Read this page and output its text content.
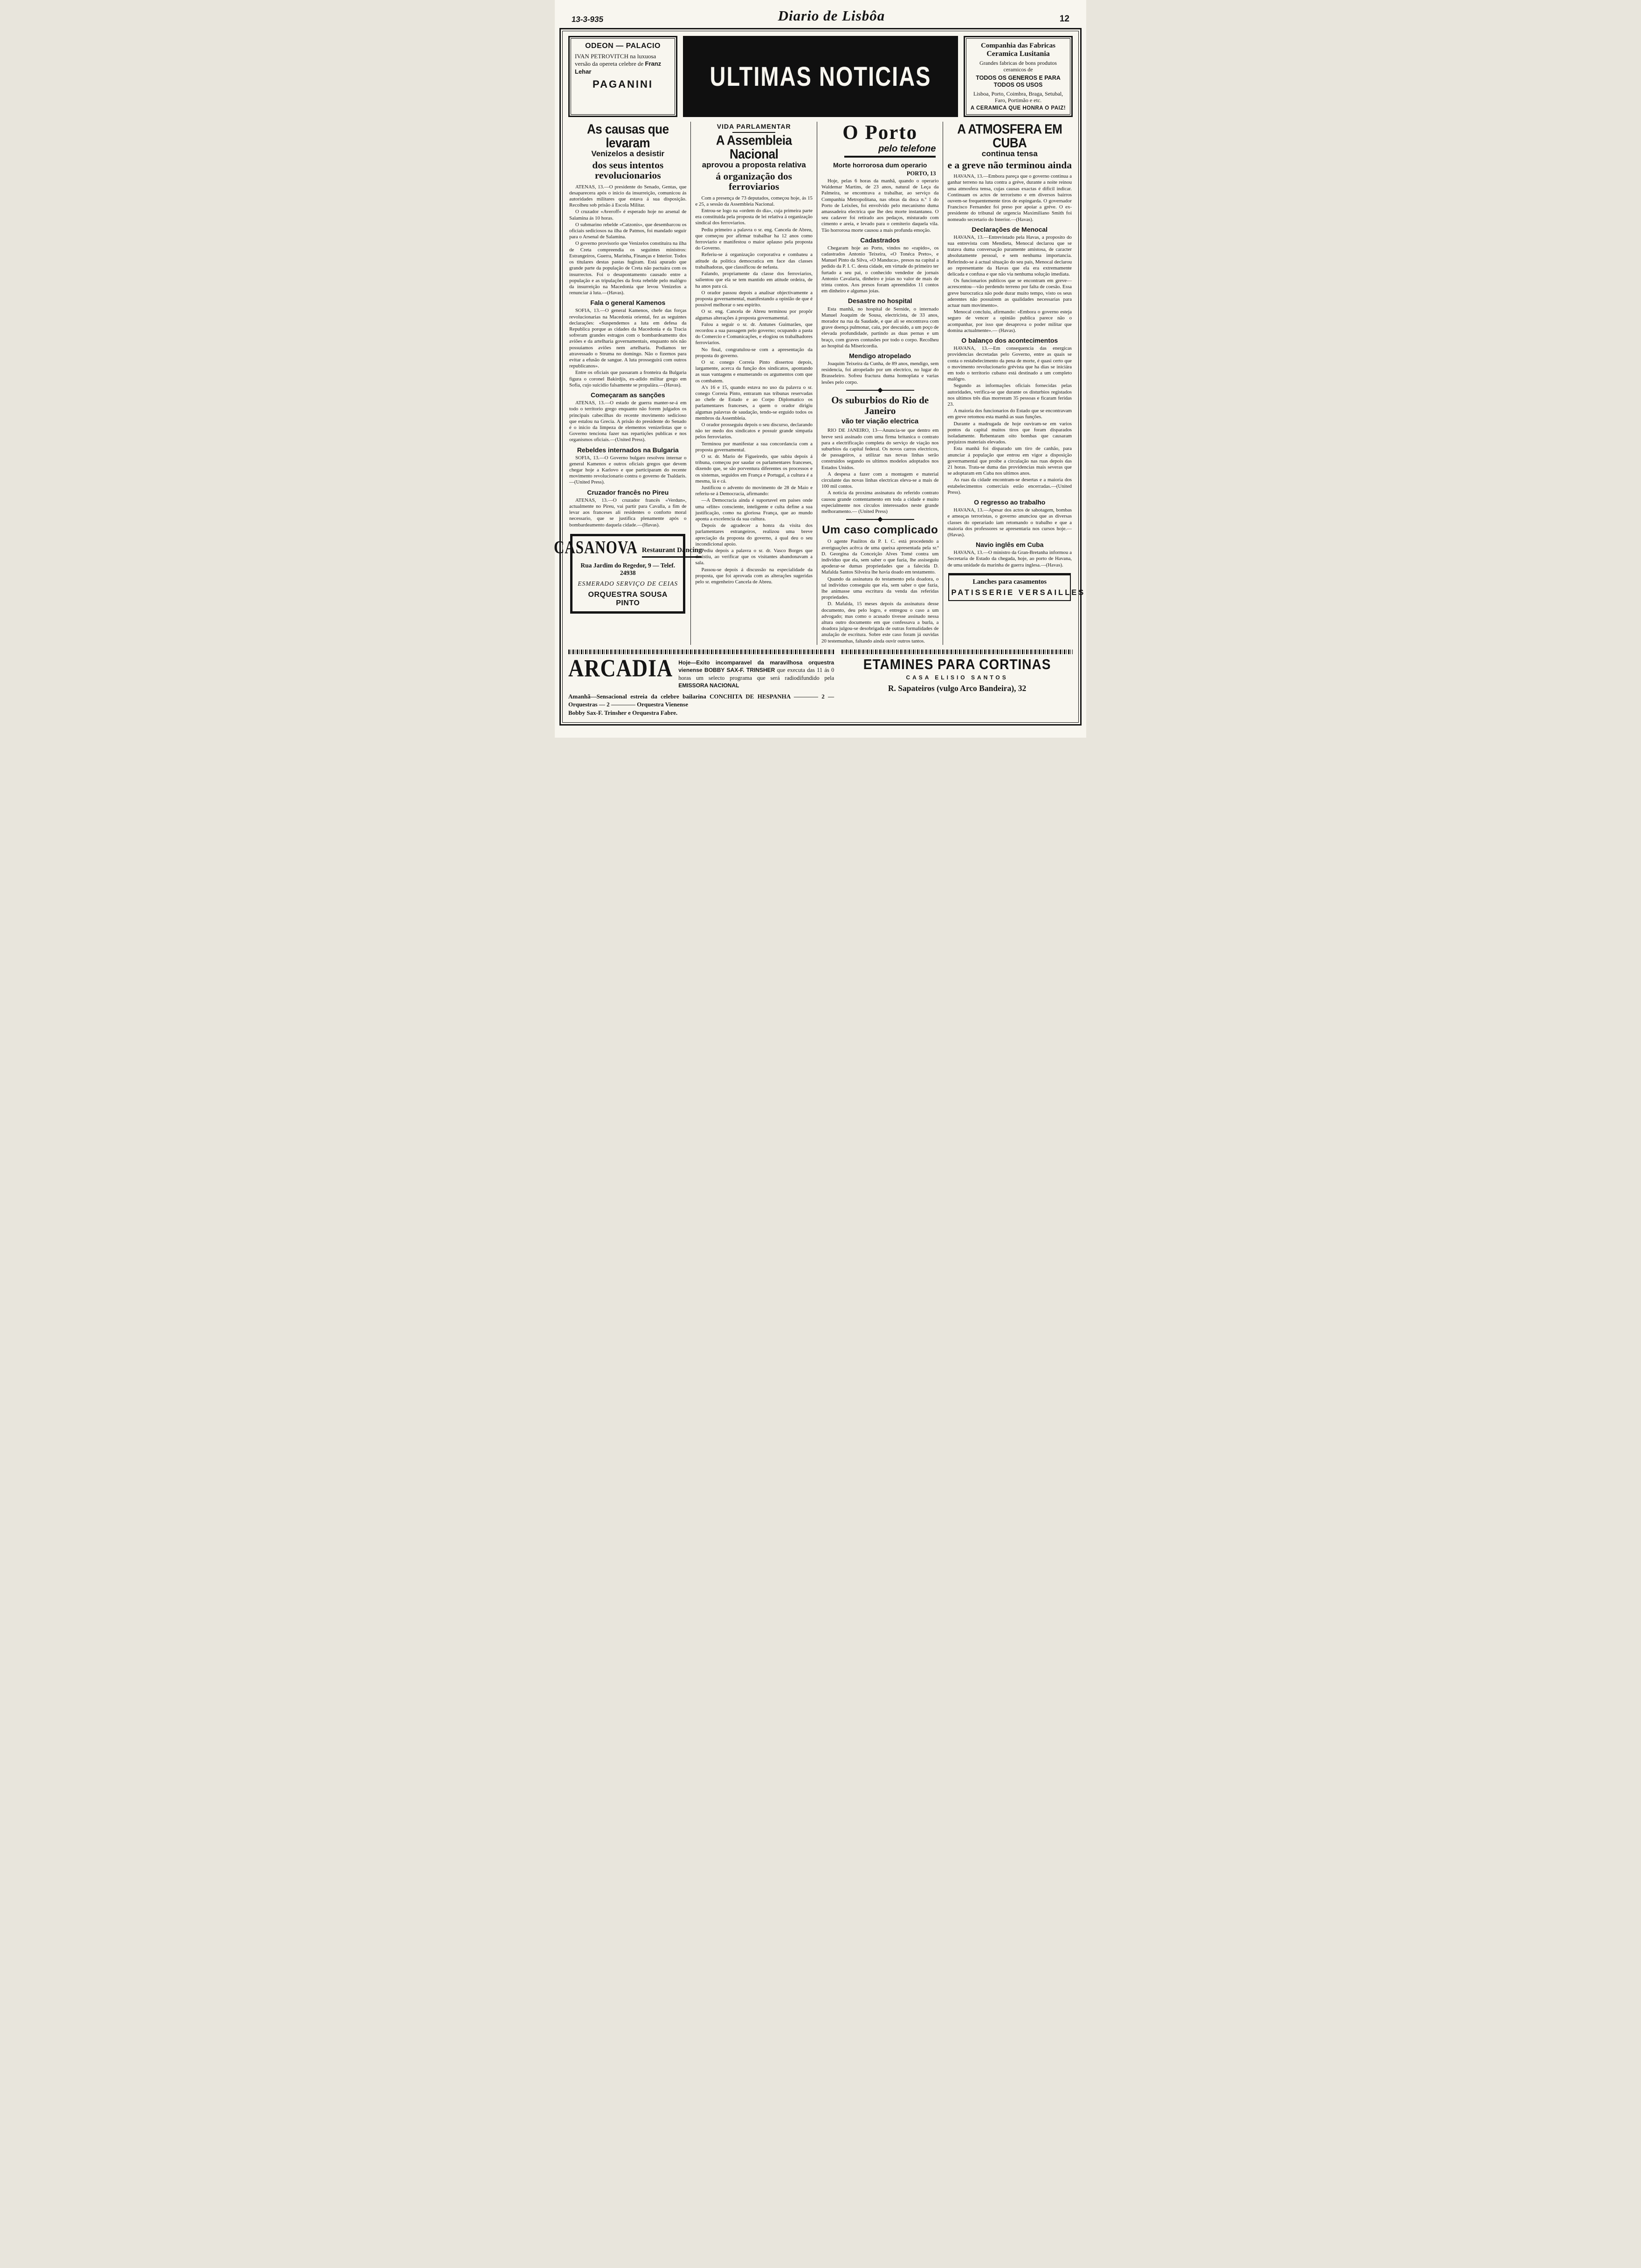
13-3-935	Diario de Lisbôa	12
ODEON — PALACIO
IVAN PETROVITCH na luxuosa versão da opereta celebre de Franz Lehar
PAGANINI	ULTIMAS NOTICIAS
Companhia das Fabricas
Ceramica Lusitania
Grandes fabricas de bons produtos ceramicos de
TODOS OS GENEROS E PARA TODOS OS USOS
Lisboa, Porto, Coimbra, Braga, Setubal, Faro, Portimão e etc.
A CERAMICA QUE HONRA O PAIZ!
As causas que levaram
Venizelos a desistir
dos seus intentos revolucionarios
ATENAS, 13.—O presidente do Senado, Gentas, que desaparecera após o inicio da insurreição, comunicou ás autoridades militares que estava á sua disposição. Recolheu sob prisão á Escola Militar.
O cruzador «Averoff» é esperado hoje no arsenal de Salamina ás 10 horas.
O submarino rebelde «Catzonis», que desembarcou os oficiais sediciosos na ilha de Patmos, foi mandado seguir para o Arsenal de Salamina.
O governo provisorio que Venizelos constituira na ilha de Creta compreendia os seguintes ministros: Estrangeiros, Guerra, Marinha, Finanças e Interior. Todos os titulares destas pastas fugiram. Está apurado que grande parte da população de Creta não pactuára com os insurrectos. Foi o desapontamento causado entre a população e as tripulações da frota rebelde pelo malôgro da insurreição na Macedonia que levou Venizelos a renunciar á luta.—(Havas).
Fala o general Kamenos
SOFIA, 13.—O general Kamenos, chefe das forças revolucionarias na Macedonia oriental, fez as seguintes declarações: «Suspendemos a luta em defesa da Republica porque as cidades da Macedonia e da Tracia sofreram grandes estragos com o bombardeamento dos aviões e da artelharia governamentais, enquanto nós não possuiamos aviões nem artelharia. Podiamos ter atravessado o Struma no domingo. Não o fizemos para evitar a efusão de sangue. A luta prosseguirá com outros republicanos».
Entre os oficiais que passaram a fronteira da Bulgaria figura o coronel Bakirdjis, ex-adido militar grego em Sofia, cujo suicidio falsamente se propalára.—(Havas).
Começaram as sanções
ATENAS, 13.—O estado de guerra manter-se-á em todo o territorio grego enquanto não forem julgados os principais cabecilhas do recente movimento sedicioso que estalou na Grecia. A prisão do presidente do Senado é o inicio da limpeza de elementos venizelistas que o Governo tenciona fazer nas repartições publicas e nos organismos oficiais.—(United Press).
Rebeldes internados na Bulgaria
SOFIA, 13.—O Governo bulgaro resolveu internar o general Kamenos e outros oficiais gregos que devem chegar hoje a Karlovo e que participaram do recente movimento revolucionario contra o governo de Tsaldaris.—(United Press).
Cruzador francês no Pireu
ATENAS, 13.—O cruzador francês «Verdun», actualmente no Pireu, vai partir para Cavalla, a fim de levar aos franceses ali residentes o conforto moral necessario, que se justifica plenamente após o bombardeamento daquela cidade.—(Havas).
CASANOVA Restaurant Dancing
Rua Jardim do Regedor, 9 — Telef. 24938
ESMERADO SERVIÇO DE CEIAS
ORQUESTRA SOUSA PINTO
VIDA PARLAMENTAR
A Assembleia Nacional
aprovou a proposta relativa
á organização dos ferroviarios
Com a presença de 73 deputados, começou hoje, ás 15 e 25, a sessão da Assembleia Nacional.
Entrou-se logo na «ordem do dia», cuja primeira parte era constituida pela proposta de lei relativa á organização sindical dos ferroviarios.
Pediu primeiro a palavra o sr. eng. Cancela de Abreu, que começou por afirmar trabalhar ha 12 anos como ferroviario e manifestou o maior aplauso pela proposta do Governo.
Referiu-se á organização corporativa e combateu a atitude da politica democratica em face das classes trabalhadoras, que classificou de nefasta.
Falando, propriamente da classe dos ferroviarios, salientou que ela se tem mantido em atitude ordeira, de ha anos para cá.
O orador passou depois a analisar objectivamente a proposta governamental, manifestando a opinião de que é possivel melhorar o seu espirito.
O sr. eng. Cancela de Abreu terminou por propôr algumas alterações á proposta governamental.
Falou a seguir o sr. dr. Antunes Guimarães, que recordou a sua passagem pelo governo; ocupando a pasta do Comercio e Comunicações, e elogiou os trabalhadores ferroviarios.
No final, congratulou-se com a apresentação da proposta do governo.
O sr. conego Correia Pinto dissertou depois, largamente, acerca da função dos sindicatos, apontando as suas vantagens e enumerando os argumentos com que os combatem.
A's 16 e 15, quando estava no uso da palavra o sr. conego Correia Pinto, entraram nas tribunas reservadas ao chefe de Estado e ao Corpo Diplomatico os parlamentares franceses, a quem o orador dirigiu algumas palavras de saudação, tendo-se erguido todos os membros da Assembleia.
O orador prosseguiu depois o seu discurso, declarando não ter medo dos sindicatos e possuir grande simpatia pelos ferroviarios.
Terminou por manifestar a sua concordancia com a proposta governamental.
O sr. dr. Mario de Figueiredo, que subiu depois á tribuna, começou por saudar os parlamentares franceses, dizendo que, se são porventura diferentes os processos e os sistemas, seguidos em França e Portugal, a cultura é a mesma, lá e cá.
Justificou o advento do movimento de 28 de Maio e referiu-se á Democracia, afirmando:
—A Democracia ainda é suportavel em paises onde uma «élite» consciente, inteligente e culta define a sua justificação, como na gloriosa França, que ao mundo aponta a excelencia da sua cultura.
Depois de agradecer a honra da visita dos parlamentares estrangeiros, realizou uma breve apreciação da proposta do governo, á qual deu o seu incondicional apoio.
Pediu depois a palavra o sr. dr. Vasco Borges que desistiu, ao verificar que os visitantes abandonavam a sala.
Passou-se depois á discussão na especialidade da proposta, que foi aprovada com as alterações sugeridas pelo sr. engenheiro Cancela de Abreu.
O Porto
pelo telefone
Morte horrorosa dum operario
PORTO, 13
Hoje, pelas 6 horas da manhã, quando o operario Waldemar Martins, de 23 anos, natural de Leça da Palmeira, se encontrava a trabalhar, ao serviço da Companhia Metropolitana, nas obras da doca n.º 1 do Porto de Leixões, foi envolvido pelo mecanismo duma amassadeira electrica que lhe deu morte instantanea. O seu cadaver foi retirado aos pedaços, misturado com cimento e areia, e levado para o cemiterio daquela vila. Tão horrorosa morte causou a mais profunda emoção.
Cadastrados
Chegaram hoje ao Porto, vindos no «rapido», os cadastrados Antonio Teixeira, «O Tonéca Preto», e Manuel Pinto da Silva, «O Manduca», presos na capital a pedido da P. I. C. desta cidade, em virtude do primeiro ter furtado a seu pai, o conhecido vendedor de jornais Antonio Cavalaria, dinheiro e joias no valor de mais de trinta contos. Aos presos foram apreendidos 11 contos em dinheiro e algumas joias.
Desastre no hospital
Esta manhã, no hospital de Sernide, o internado Manuel Joaquim de Sousa, electricista, de 33 anos, morador na rua da Saudade, e que ali se encontrava com grave doença pulmonar, caíu, por descuido, a um poço de elevada profundidade, partindo as duas pernas e um braço, com graves contusões por todo o corpo. Recolheu ao hospital da Misericordia.
Mendigo atropelado
Joaquim Teixeira da Cunha, de 89 anos, mendigo, sem residencia, foi atropelado por um electrico, no lugar do Brasseleiro. Sofreu fractura duma homoplata e varias lesões pelo corpo.
Os suburbios do Rio de Janeiro
vão ter viação electrica
RIO DE JANEIRO, 13—Anuncia-se que dentro em breve será assinado com uma firma britanica o contrato para a electrificação completa do serviço de viação nos suburbios da capital federal. Os novos carros electricos, de passageiros, a utilizar nas novas linhas serão construidos segundo os ultimos modelos adoptados nos Estados Unidos.
A despesa a fazer com a montagem e material circulante das novas linhas electricas eleva-se a mais de 100 mil contos.
A noticia da proxima assinatura do referido contrato causou grande contentamento em toda a cidade e muito especialmente nos circulos interessados neste grande melhoramento.— (United Press)
Um caso complicado
O agente Paulitos da P. I. C. está procedendo a averiguações acêrca de uma queixa apresentada pela sr.ª D. Georgina da Conceição Alves Tomé contra um individuo que ela, sem saber o que fazia, lhe assiseguiu apoderar-se dumas propriedades que a falecida D. Mafalda Santos Silveira lhe havia doado em testamento.
Quando da assinatura do testamento pela doadora, o tal individuo conseguiu que ela, sem saber o que fazia, lhe animasse uma escritura da venda das referidas propriedades.
D. Mafalda, 15 meses depois da assinatura desse documento, deu pelo logro, e entregou o caso a um advogado; mas como o acusado tivesse assinado nessa altura outro documento em que confessava a burla, a doadora julgou-se desobrigada de outras formalidades de anulação de escritura. Sobre este caso foram já ouvidas 20 testemunhas, faltando ainda ouvir outros tantos.
A ATMOSFERA EM CUBA
continua tensa
e a greve não terminou ainda
HAVANA, 13.—Embora pareça que o governo continua a ganhar terreno na luta contra a gréve, durante a noite reinou uma atmosfera tensa, cujas causas exactas é dificil indicar. Continuam os actos de terrorismo e em diversos bairros ouvem-se frequentemente tiros de espingarda. O governador Francisco Fernandez foi preso por apoiar a gréve. O ex-presidente do tribunal de urgencia Maximiliano Smith foi nomeado secretario do Interior.—(Havas).
Declarações de Menocal
HAVANA, 13.—Entrevistado pela Havas, a proposito do sua entrevista com Mendieta, Menocal declarou que se tratava duma conversação puramente amistosa, de caracter absolutamente pessoal, e sem nenhuma importancia. Referindo-se á actual situação do seu país, Menocal declarou ao representante da Havas que ela era extremamente delicada e confusa e que não via nenhuma solução imediata.
Os funcionarios publicos que se encontram em greve—acrescentou—vão perdendo terreno por falta de coesão. Essa greve burocratica não pode durar muito tempo, visto os seus aderentes não possuirem as qualidades necessarias para actuar num movimento».
Menocal concluiu, afirmando: «Embora o governo esteja seguro de vencer a opinião publica parece não o acompanhar, por isso que desaprova o poder militar que domina actualmente».— (Havas).
O balanço dos acontecimentos
HAVANA, 13.—Em consequencia das energicas providencias decretadas pelo Governo, entre as quais se conta o restabelecimento da pena de morte, é quasi certo que o movimento revolucionario grévista que ha dias se iniciára em todo o territorio cubano está destinado a um completo malôgro.
Segundo as informações oficiais fornecidas pelas autoridades, verifica-se que durante os disturbios registados nos ultimos três dias morreram 35 pessoas e ficaram feridas 23.
A maioria dos funcionarios do Estado que se encontravam em greve retomou esta manhã as suas funções.
Durante a madrugada de hoje ouviram-se em varios pontos da capital muitos tiros que foram disparados isoladamente. Rebentaram oito bombas que causaram prejuizos materiais elevados.
Esta manhã foi disparado um tiro de canhão, para anunciar á população que entrou em vigor a disposição governamental que proíbe a circulação nas ruas depois das 21 horas. Trata-se duma das providencias mais severas que se adoptaram em Cuba nos ultimos anos.
As ruas da cidade encontram-se desertas e a maioria dos estabelecimentos comerciais estão encerradas.—(United Press).
O regresso ao trabalho
HAVANA, 13.—Apesar dos actos de sabotagem, bombas e ameaças terroristas, o governo anunciou que as diversas classes do operariado iam retomando o trabalho e que a maioria dos professores se apresentaria nos cursos hoje.—(Havas).
Navio inglês em Cuba
HAVANA, 13.—O ministro da Gran-Bretanha informou a Secretaria de Estado da chegada, hoje, ao porto de Havana, de uma unidade da marinha de guerra inglesa.—(Havas).
Lanches para casamentos
PATISSERIE VERSAILLES
ARCADIA Hoje—Exito incomparavel da maravilhosa orquestra vienense BOBBY SAX-F. TRINSHER que executa das 11 ás 0 horas um selecto programa que será radiodifundido pela EMISSORA NACIONAL
Amanhã—Sensacional estreia da celebre bailarina CONCHITA DE HESPANHA ———— 2 — Orquestras — 2 ———— Orquestra Vienense
Bobby Sax-F. Trinsher e Orquestra Fabre.
ETAMINES PARA CORTINAS
CASA ELISIO SANTOS
R. Sapateiros (vulgo Arco Bandeira), 32
